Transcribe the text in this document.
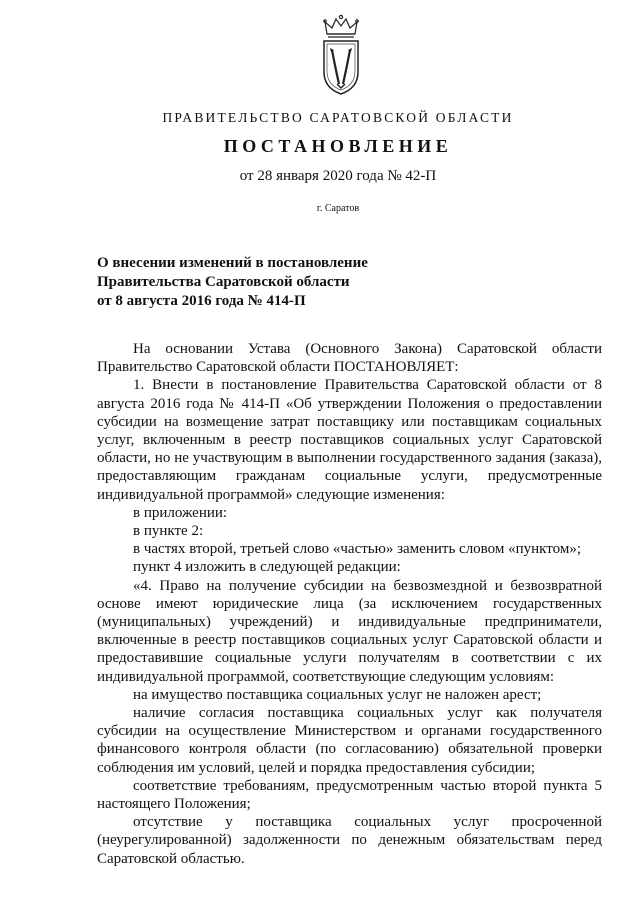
ПРАВИТЕЛЬСТВО САРАТОВСКОЙ ОБЛАСТИ
ПОСТАНОВЛЕНИЕ
от 28 января 2020 года № 42-П
г. Саратов
О внесении изменений в постановление
Правительства Саратовской области
от 8 августа 2016 года № 414-П

На основании Устава (Основного Закона) Саратовской области Правительство Саратовской области ПОСТАНОВЛЯЕТ:

1. Внести в постановление Правительства Саратовской области от 8 августа 2016 года № 414-П «Об утверждении Положения о предоставлении субсидии на возмещение затрат поставщику или поставщикам социальных услуг, включенным в реестр поставщиков социальных услуг Саратовской области, но не участвующим в выполнении государственного задания (заказа), предоставляющим гражданам социальные услуги, предусмотренные индивидуальной программой» следующие изменения:

в приложении:

в пункте 2:

в частях второй, третьей слово «частью» заменить словом «пунктом»;

пункт 4 изложить в следующей редакции:

«4. Право на получение субсидии на безвозмездной и безвозвратной основе имеют юридические лица (за исключением государственных (муниципальных) учреждений) и индивидуальные предприниматели, включенные в реестр поставщиков социальных услуг Саратовской области и предоставившие социальные услуги получателям в соответствии с их индивидуальной программой, соответствующие следующим условиям:

на имущество поставщика социальных услуг не наложен арест;

наличие согласия поставщика социальных услуг как получателя субсидии на осуществление Министерством и органами государственного финансового контроля области (по согласованию) обязательной проверки соблюдения им условий, целей и порядка предоставления субсидии;

соответствие требованиям, предусмотренным частью второй пункта 5 настоящего Положения;

отсутствие у поставщика социальных услуг просроченной (неурегулированной) задолженности по денежным обязательствам перед Саратовской областью.
